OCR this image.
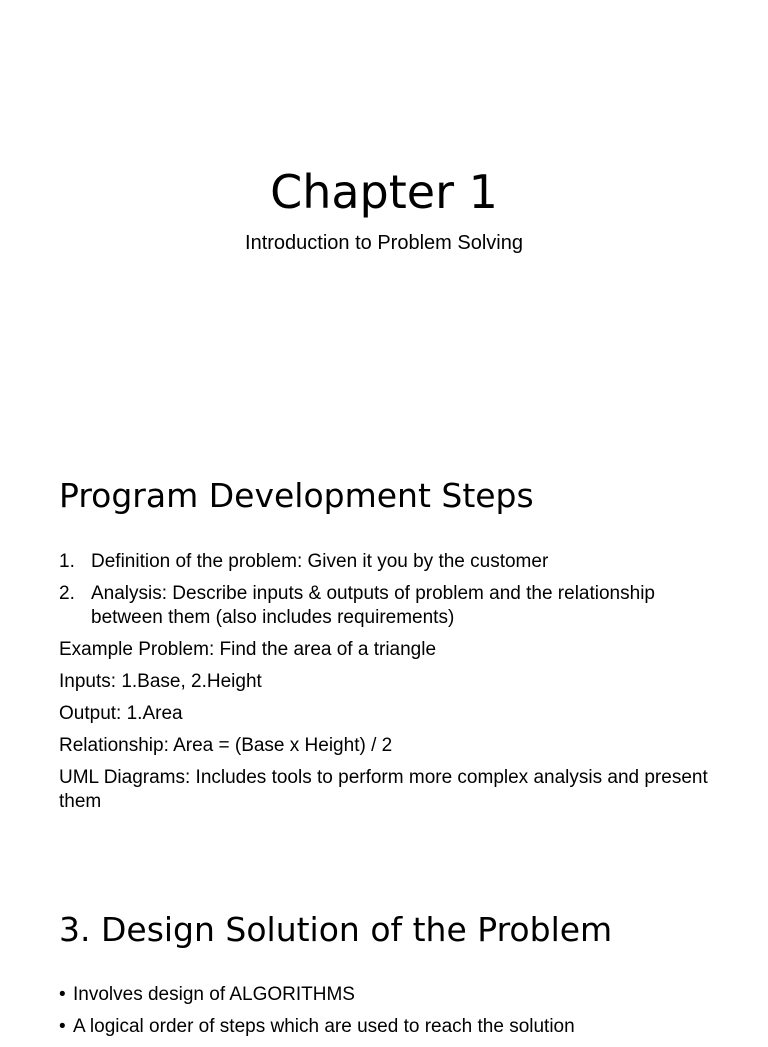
Chapter 1
Introduction to Problem Solving
Program Development Steps
1. Definition of the problem: Given it you by the customer
2. Analysis: Describe inputs & outputs of problem and the relationship between them (also includes requirements)
Example Problem: Find the area of a triangle
Inputs: 1.Base, 2.Height
Output: 1.Area
Relationship: Area = (Base x Height) / 2
UML Diagrams: Includes tools to perform more complex analysis and present them
3. Design Solution of the Problem
• Involves design of ALGORITHMS
• A logical order of steps which are used to reach the solution
